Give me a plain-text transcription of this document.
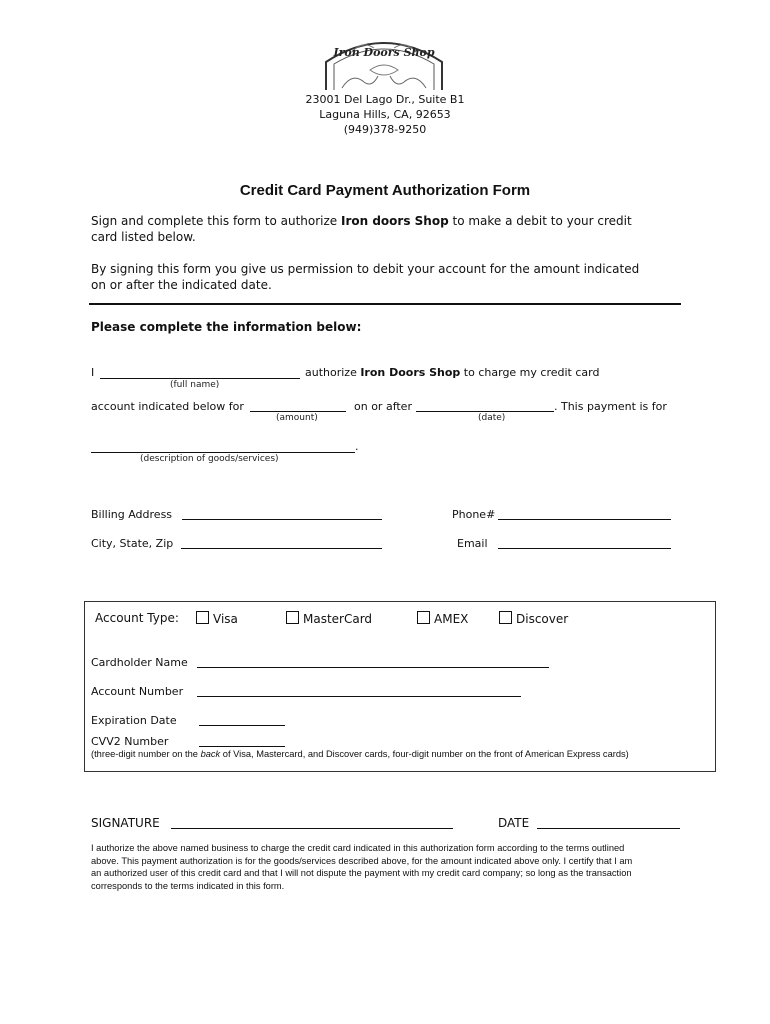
Iron Doors Shop
23001 Del Lago Dr., Suite B1
Laguna Hills, CA, 92653
(949)378-9250
Credit Card Payment Authorization Form
Sign and complete this form to authorize Iron doors Shop to make a debit to your credit
card listed below.
By signing this form you give us permission to debit your account for the amount indicated
on or after the indicated date.
Please complete the information below:
I	authorize Iron Doors Shop to charge my credit card
(full name)
account indicated below for	on or after	. This payment is for
(amount)	(date)
.
(description of goods/services)
Billing Address	Phone#
City, State, Zip	Email
Account Type:	Visa	MasterCard	AMEX	Discover
Cardholder Name
Account Number
Expiration Date
CVV2 Number
(three-digit number on the back of Visa, Mastercard, and Discover cards, four-digit number on the front of American Express cards)
SIGNATURE	DATE
I authorize the above named business to charge the credit card indicated in this authorization form according to the terms outlined
above. This payment authorization is for the goods/services described above, for the amount indicated above only. I certify that I am
an authorized user of this credit card and that I will not dispute the payment with my credit card company; so long as the transaction
corresponds to the terms indicated in this form.
